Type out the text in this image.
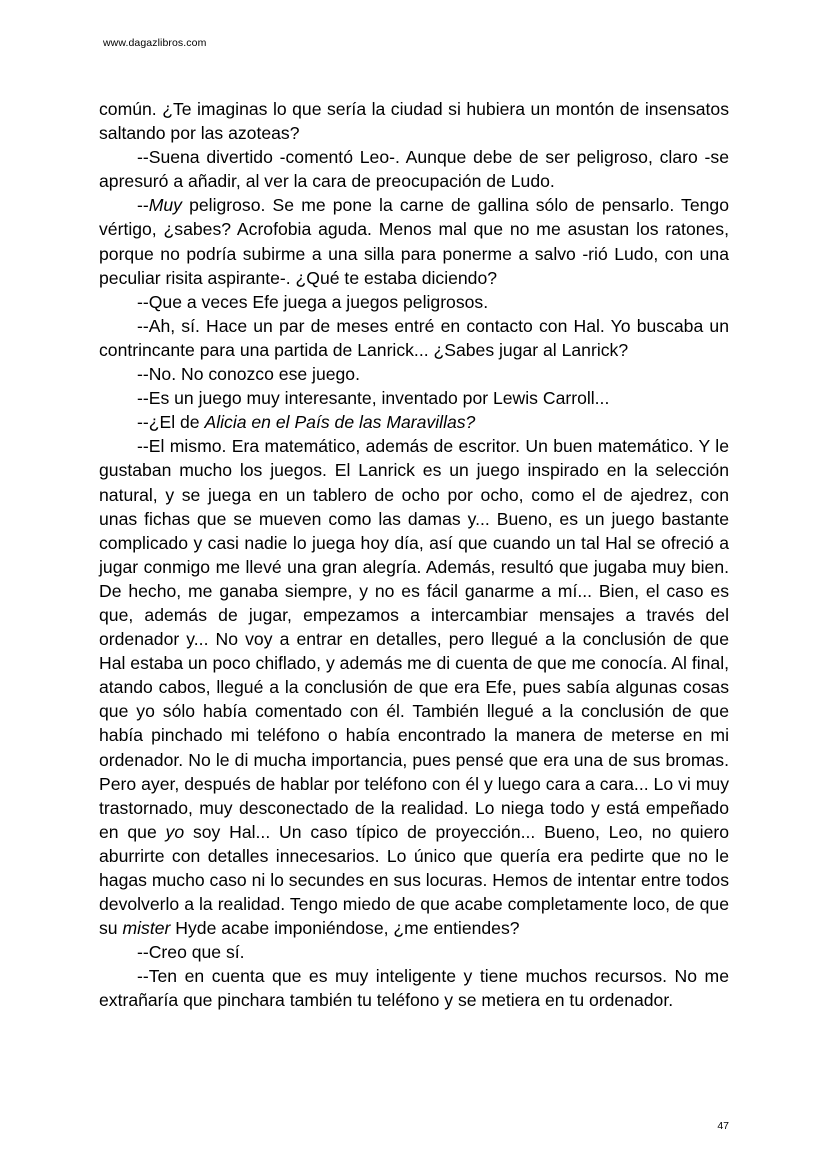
www.dagazlibros.com

común. ¿Te imaginas lo que sería la ciudad si hubiera un montón de insensatos saltando por las azoteas?

--Suena divertido -comentó Leo-. Aunque debe de ser peligroso, claro -se apresuró a añadir, al ver la cara de preocupación de Ludo.

--Muy peligroso. Se me pone la carne de gallina sólo de pensarlo. Tengo vértigo, ¿sabes? Acrofobia aguda. Menos mal que no me asustan los ratones, porque no podría subirme a una silla para ponerme a salvo -rió Ludo, con una peculiar risita aspirante-. ¿Qué te estaba diciendo?

--Que a veces Efe juega a juegos peligrosos.

--Ah, sí. Hace un par de meses entré en contacto con Hal. Yo buscaba un contrincante para una partida de Lanrick... ¿Sabes jugar al Lanrick?

--No. No conozco ese juego.

--Es un juego muy interesante, inventado por Lewis Carroll...

--¿El de Alicia en el País de las Maravillas?

--El mismo. Era matemático, además de escritor. Un buen matemático. Y le gustaban mucho los juegos. El Lanrick es un juego inspirado en la selección natural, y se juega en un tablero de ocho por ocho, como el de ajedrez, con unas fichas que se mueven como las damas y... Bueno, es un juego bastante complicado y casi nadie lo juega hoy día, así que cuando un tal Hal se ofreció a jugar conmigo me llevé una gran alegría. Además, resultó que jugaba muy bien. De hecho, me ganaba siempre, y no es fácil ganarme a mí... Bien, el caso es que, además de jugar, empezamos a intercambiar mensajes a través del ordenador y... No voy a entrar en detalles, pero llegué a la conclusión de que Hal estaba un poco chiflado, y además me di cuenta de que me conocía. Al final, atando cabos, llegué a la conclusión de que era Efe, pues sabía algunas cosas que yo sólo había comentado con él. También llegué a la conclusión de que había pinchado mi teléfono o había encontrado la manera de meterse en mi ordenador. No le di mucha importancia, pues pensé que era una de sus bromas. Pero ayer, después de hablar por teléfono con él y luego cara a cara... Lo vi muy trastornado, muy desconectado de la realidad. Lo niega todo y está empeñado en que yo soy Hal... Un caso típico de proyección... Bueno, Leo, no quiero aburrirte con detalles innecesarios. Lo único que quería era pedirte que no le hagas mucho caso ni lo secundes en sus locuras. Hemos de intentar entre todos devolverlo a la realidad. Tengo miedo de que acabe completamente loco, de que su mister Hyde acabe imponiéndose, ¿me entiendes?

--Creo que sí.

--Ten en cuenta que es muy inteligente y tiene muchos recursos. No me extrañaría que pinchara también tu teléfono y se metiera en tu ordenador.

47
